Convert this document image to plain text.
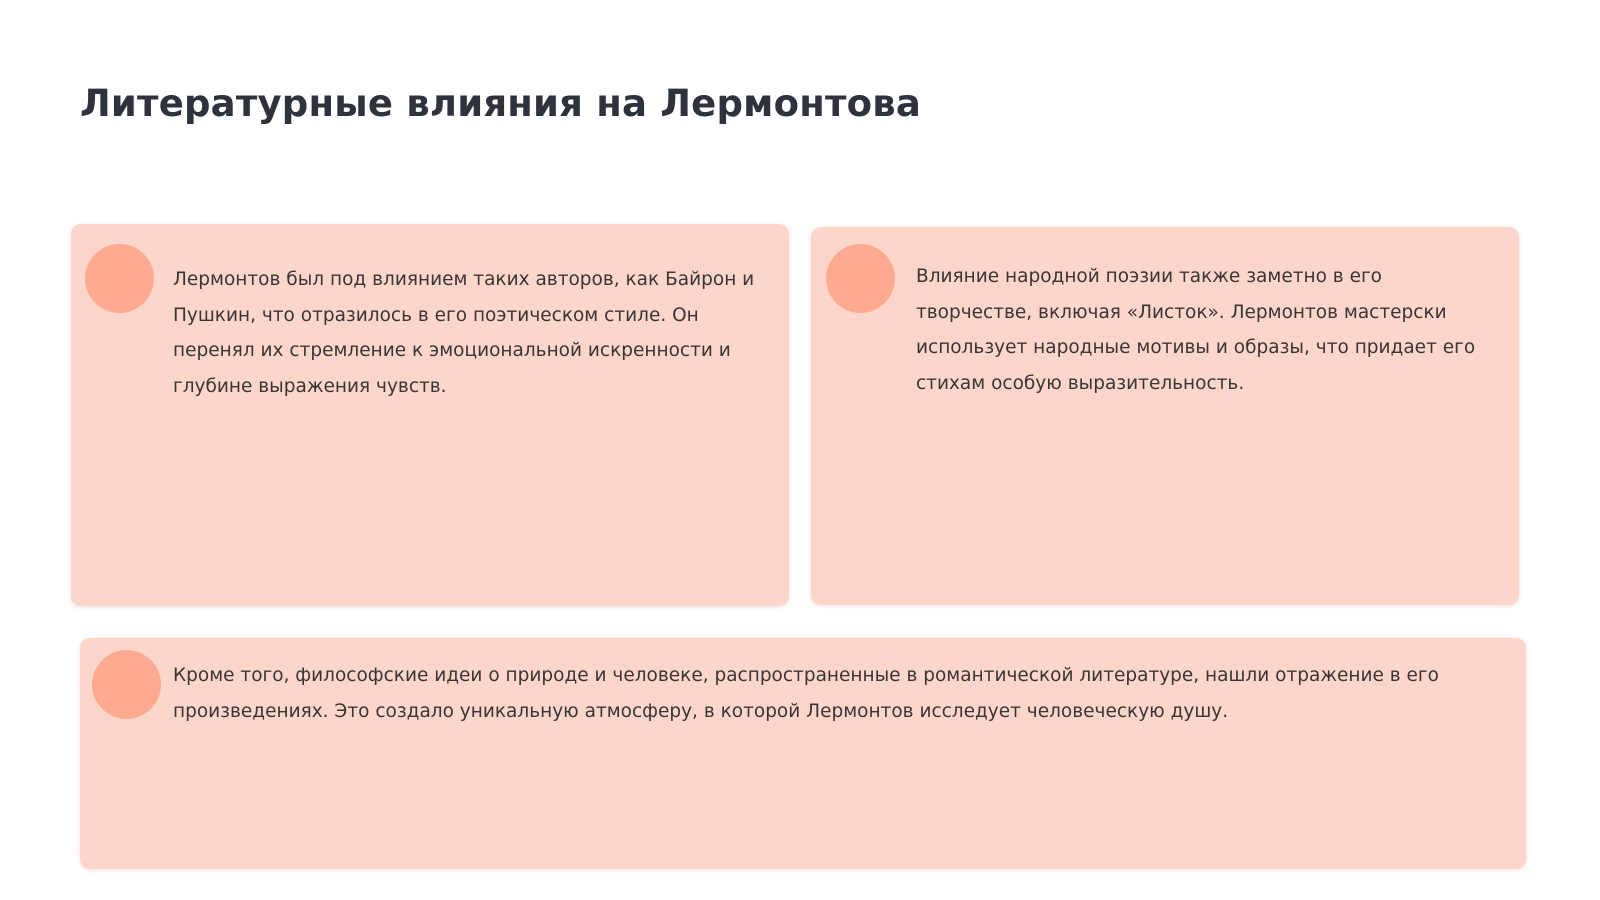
Литературные влияния на Лермонтова

Лермонтов был под влиянием таких авторов, как Байрон и Пушкин, что отразилось в его поэтическом стиле. Он перенял их стремление к эмоциональной искренности и глубине выражения чувств.

Влияние народной поэзии также заметно в его творчестве, включая «Листок». Лермонтов мастерски использует народные мотивы и образы, что придает его стихам особую выразительность.

Кроме того, философские идеи о природе и человеке, распространенные в романтической литературе, нашли отражение в его произведениях. Это создало уникальную атмосферу, в которой Лермонтов исследует человеческую душу.
